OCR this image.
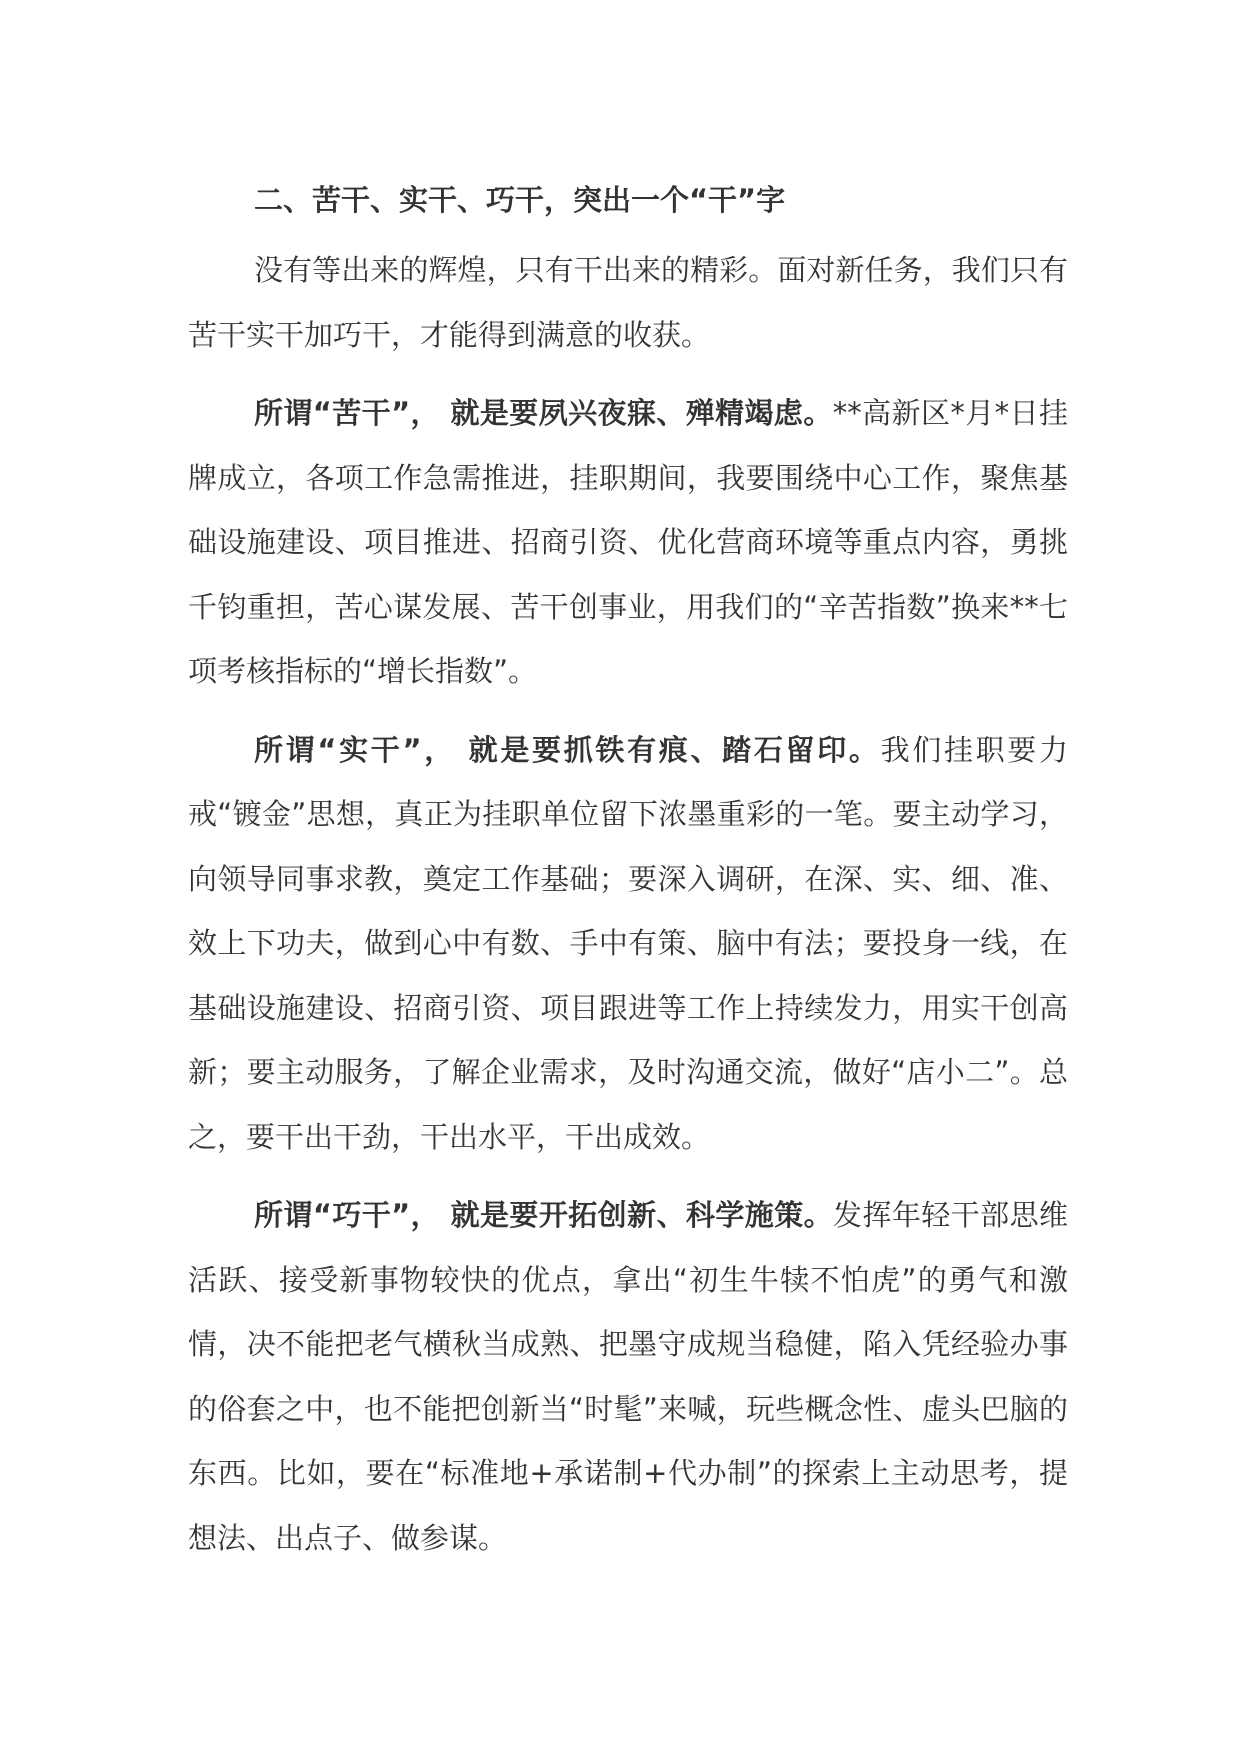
二、苦干、实干、巧干，突出一个“干”字

没有等出来的辉煌，只有干出来的精彩。面对新任务，我们只有苦干实干加巧干，才能得到满意的收获。

所谓“苦干”， 就是要夙兴夜寐、殚精竭虑。**高新区*月*日挂牌成立，各项工作急需推进，挂职期间，我要围绕中心工作，聚焦基础设施建设、项目推进、招商引资、优化营商环境等重点内容，勇挑千钧重担，苦心谋发展、苦干创事业，用我们的“辛苦指数”换来**七项考核指标的“增长指数”。

所谓“实干”， 就是要抓铁有痕、踏石留印。我们挂职要力戒“镀金”思想，真正为挂职单位留下浓墨重彩的一笔。要主动学习，向领导同事求教，奠定工作基础；要深入调研，在深、实、细、准、效上下功夫，做到心中有数、手中有策、脑中有法；要投身一线，在基础设施建设、招商引资、项目跟进等工作上持续发力，用实干创高新；要主动服务，了解企业需求，及时沟通交流，做好“店小二”。总之，要干出干劲，干出水平，干出成效。

所谓“巧干”， 就是要开拓创新、科学施策。发挥年轻干部思维活跃、接受新事物较快的优点，拿出“初生牛犊不怕虎”的勇气和激情，决不能把老气横秋当成熟、把墨守成规当稳健，陷入凭经验办事的俗套之中，也不能把创新当“时髦”来喊，玩些概念性、虚头巴脑的东西。比如，要在“标准地+承诺制+代办制”的探索上主动思考，提想法、出点子、做参谋。
